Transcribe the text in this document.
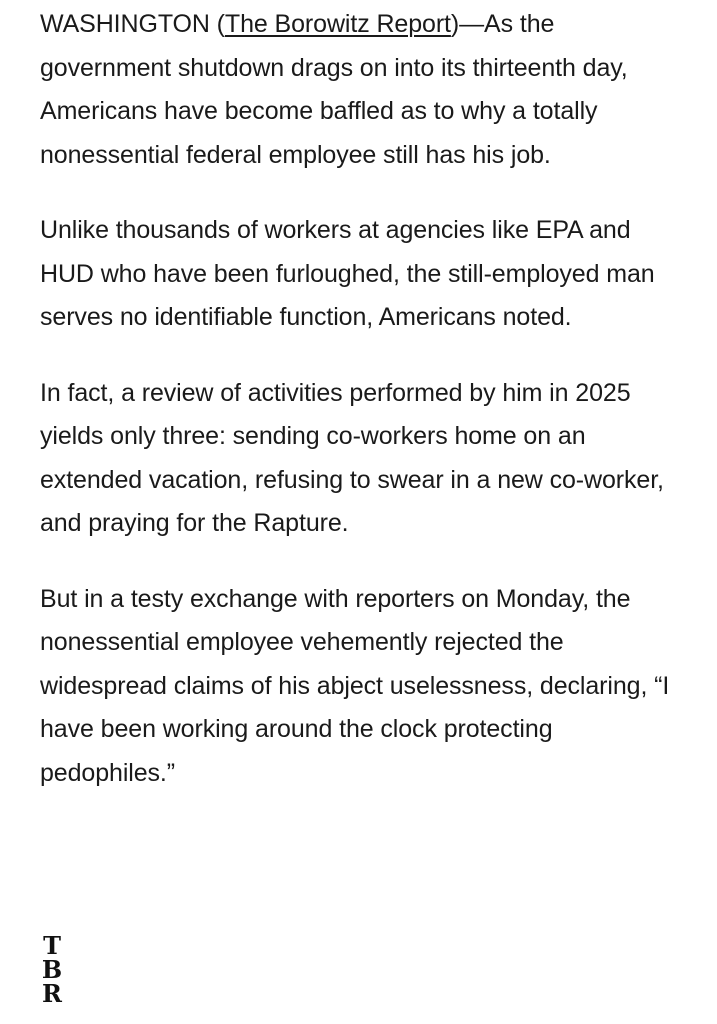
WASHINGTON (The Borowitz Report)—As the government shutdown drags on into its thirteenth day, Americans have become baffled as to why a totally nonessential federal employee still has his job.

Unlike thousands of workers at agencies like EPA and HUD who have been furloughed, the still-employed man serves no identifiable function, Americans noted.

In fact, a review of activities performed by him in 2025 yields only three: sending co-workers home on an extended vacation, refusing to swear in a new co-worker, and praying for the Rapture.

But in a testy exchange with reporters on Monday, the nonessential employee vehemently rejected the widespread claims of his abject uselessness, declaring, “I have been working around the clock protecting pedophiles.”

T
B
R
